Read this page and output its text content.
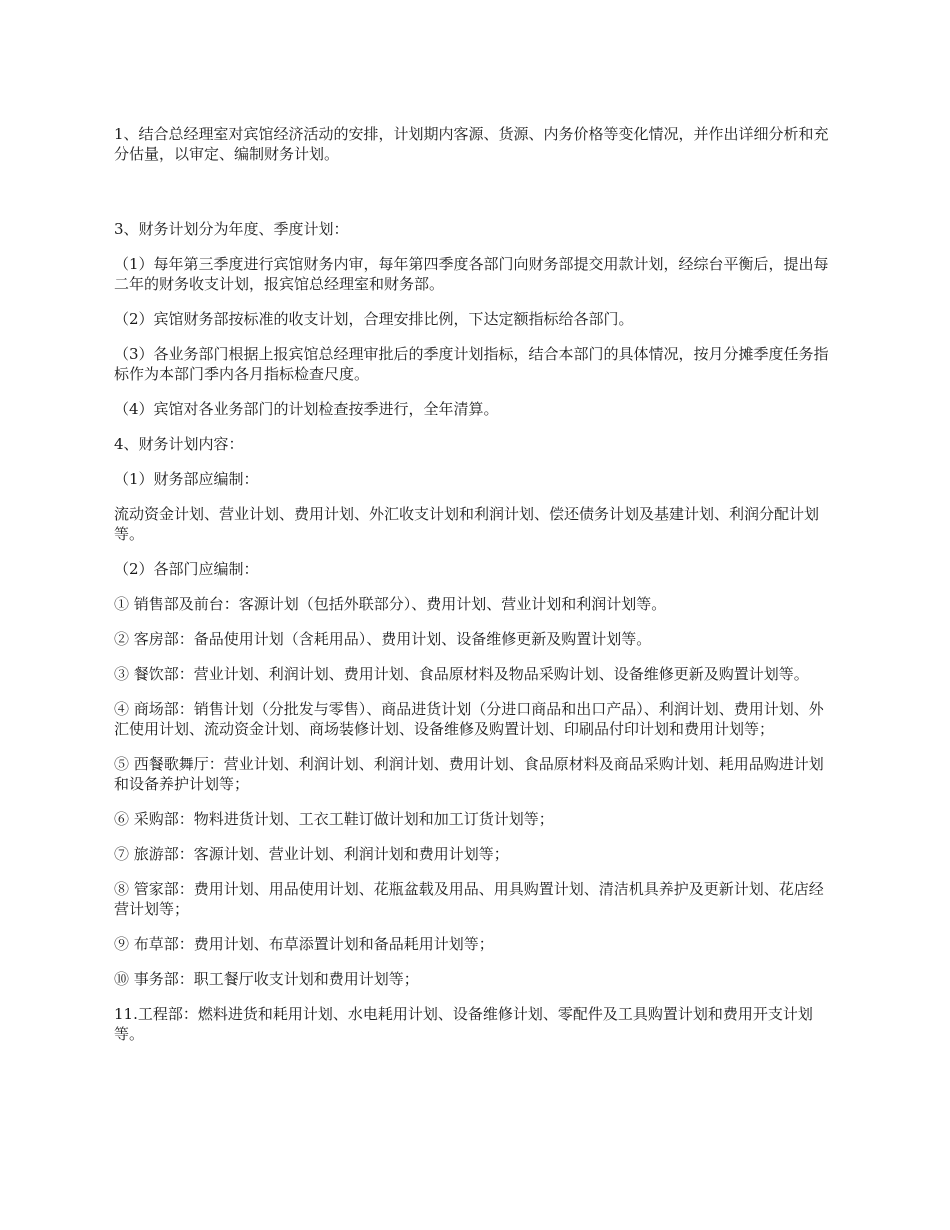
1、结合总经理室对宾馆经济活动的安排，计划期内客源、货源、内务价格等变化情况，并作出详细分析和充分估量，以审定、编制财务计划。

3、财务计划分为年度、季度计划：

（1）每年第三季度进行宾馆财务内审，每年第四季度各部门向财务部提交用款计划，经综台平衡后，提出每二年的财务收支计划，报宾馆总经理室和财务部。

（2）宾馆财务部按标准的收支计划，合理安排比例，下达定额指标给各部门。

（3）各业务部门根据上报宾馆总经理审批后的季度计划指标，结合本部门的具体情况，按月分摊季度任务指标作为本部门季内各月指标检查尺度。

（4）宾馆对各业务部门的计划检查按季进行，全年清算。

4、财务计划内容：

（1）财务部应编制：

流动资金计划、营业计划、费用计划、外汇收支计划和利润计划、偿还债务计划及基建计划、利润分配计划等。

（2）各部门应编制：

① 销售部及前台：客源计划（包括外联部分）、费用计划、营业计划和利润计划等。

② 客房部：备品使用计划（含耗用品）、费用计划、设备维修更新及购置计划等。

③ 餐饮部：营业计划、利润计划、费用计划、食品原材料及物品采购计划、设备维修更新及购置计划等。

④ 商场部：销售计划（分批发与零售）、商品进货计划（分进口商品和出口产品）、利润计划、费用计划、外汇使用计划、流动资金计划、商场装修计划、设备维修及购置计划、印刷品付印计划和费用计划等；

⑤ 西餐歌舞厅：营业计划、利润计划、利润计划、费用计划、食品原材料及商品采购计划、耗用品购进计划和设备养护计划等；

⑥ 采购部：物料进货计划、工衣工鞋订做计划和加工订货计划等；

⑦ 旅游部：客源计划、营业计划、利润计划和费用计划等；

⑧ 管家部：费用计划、用品使用计划、花瓶盆载及用品、用具购置计划、清洁机具养护及更新计划、花店经营计划等；

⑨ 布草部：费用计划、布草添置计划和备品耗用计划等；

⑩ 事务部：职工餐厅收支计划和费用计划等；

11.工程部：燃料进货和耗用计划、水电耗用计划、设备维修计划、零配件及工具购置计划和费用开支计划等。
